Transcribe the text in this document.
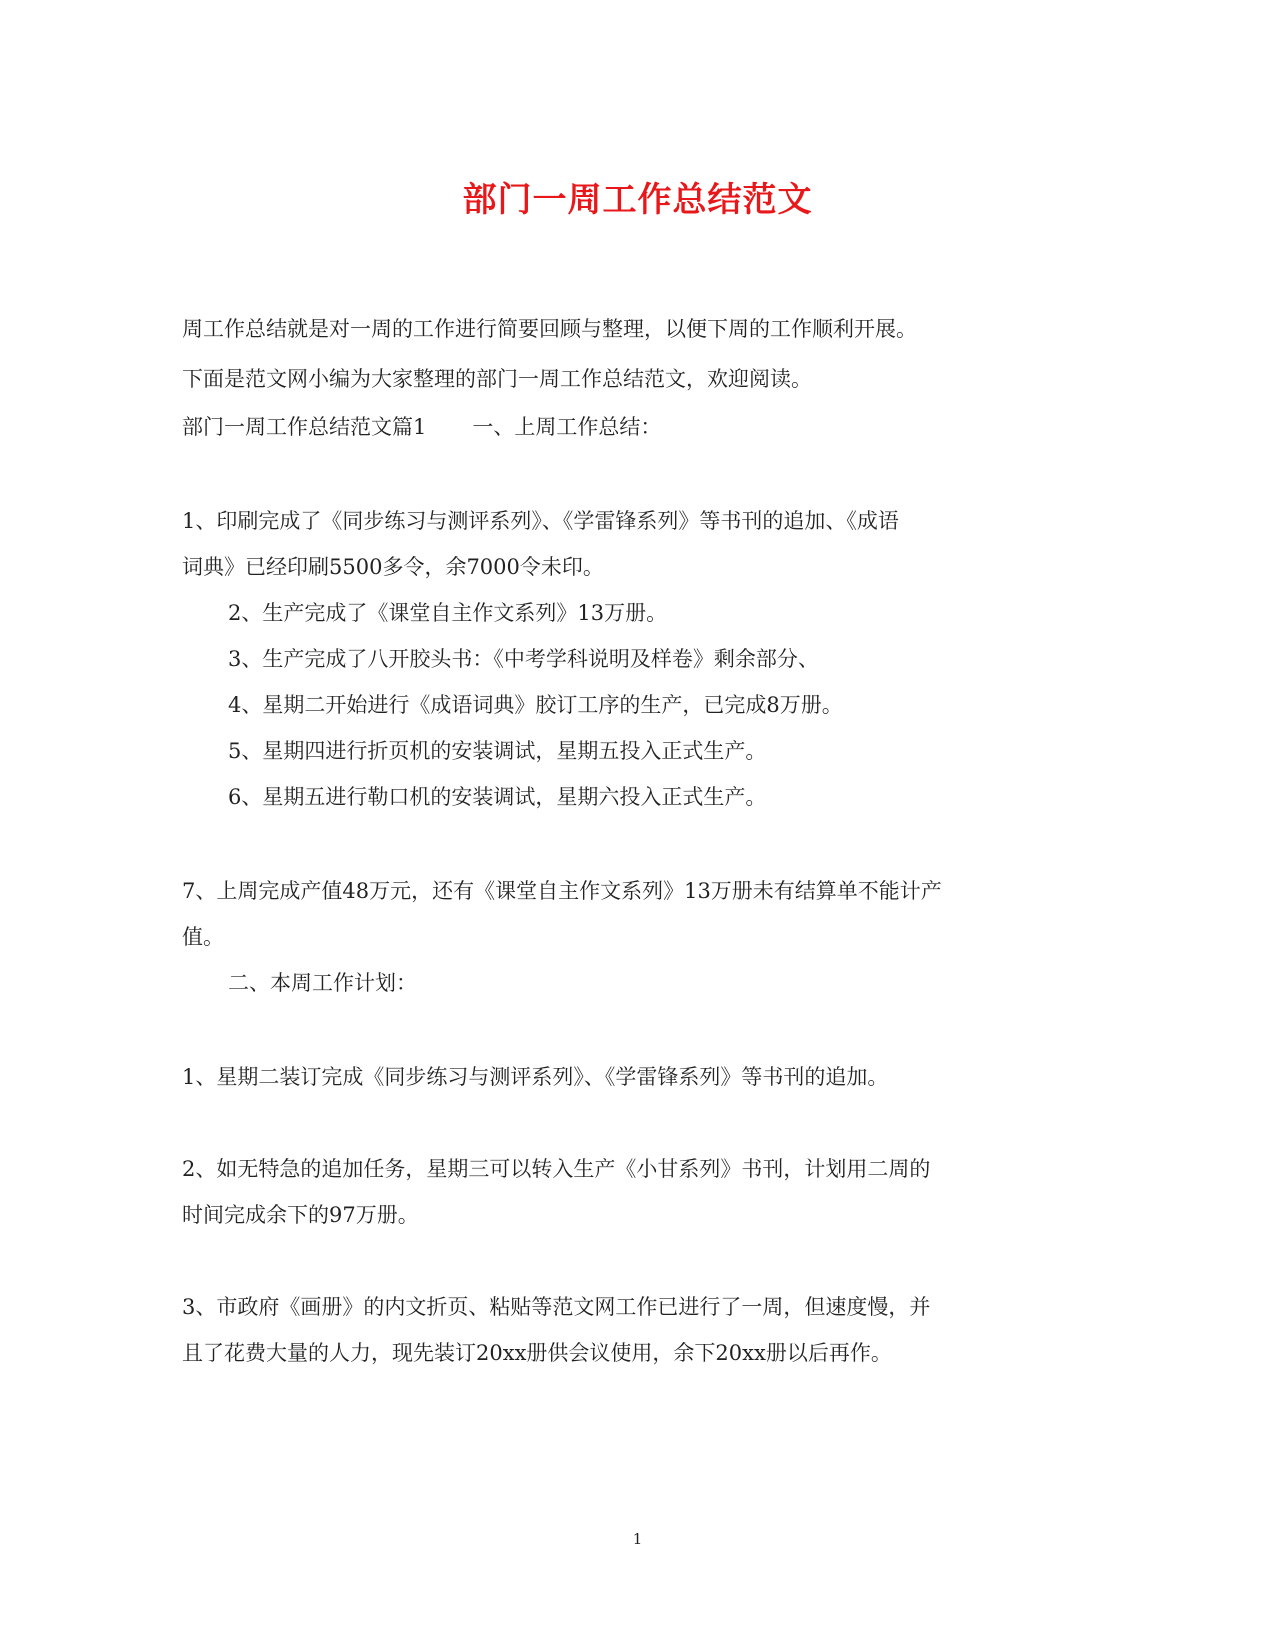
部门一周工作总结范文
周工作总结就是对一周的工作进行简要回顾与整理，以便下周的工作顺利开展。
下面是范文网小编为大家整理的部门一周工作总结范文，欢迎阅读。
部门一周工作总结范文篇1 一、上周工作总结：
1、印刷完成了《同步练习与测评系列》、《学雷锋系列》等书刊的追加、《成语
词典》已经印刷5500多令，余7000令未印。
2、生产完成了《课堂自主作文系列》13万册。
3、生产完成了八开胶头书：《中考学科说明及样卷》剩余部分、
4、星期二开始进行《成语词典》胶订工序的生产，已完成8万册。
5、星期四进行折页机的安装调试，星期五投入正式生产。
6、星期五进行勒口机的安装调试，星期六投入正式生产。
7、上周完成产值48万元，还有《课堂自主作文系列》13万册未有结算单不能计产
值。
二、本周工作计划：
1、星期二装订完成《同步练习与测评系列》、《学雷锋系列》等书刊的追加。
2、如无特急的追加任务，星期三可以转入生产《小甘系列》书刊，计划用二周的
时间完成余下的97万册。
3、市政府《画册》的内文折页、粘贴等范文网工作已进行了一周，但速度慢，并
且了花费大量的人力，现先装订20xx册供会议使用，余下20xx册以后再作。
1
